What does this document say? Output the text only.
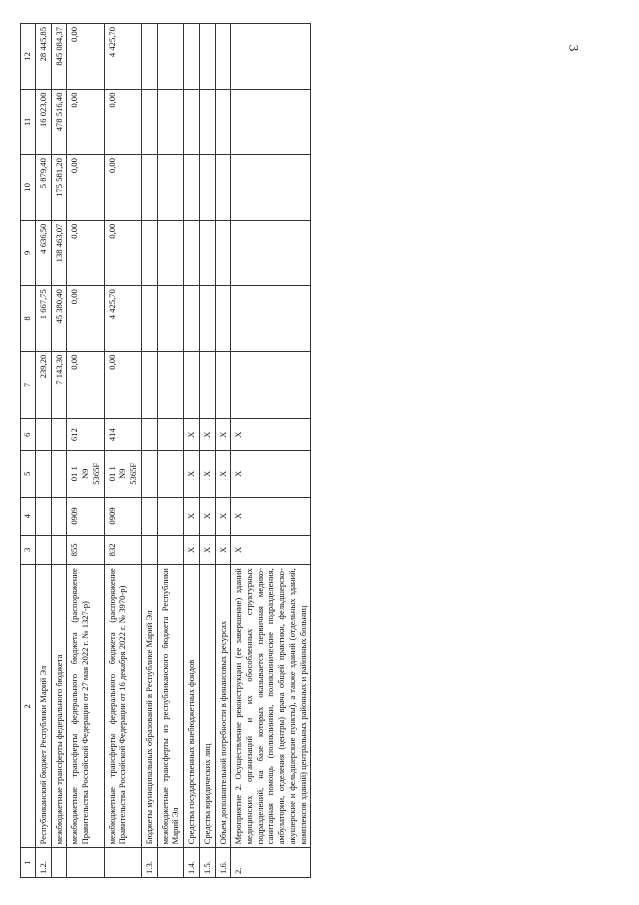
3
1	2	3	4	5	6	7	8	9	10	11	12
1.2.	Республиканский бюджет Республики Марий Эл					239,20	1 667,75	4 636,50	5 879,40	16 023,00	28 445,85
	межбюджетные трансферты федерального бюджета					7 143,30	45 380,40	138 463,07	175 581,20	478 516,40	845 084,37
	межбюджетные трансферты федерального бюджета (распоряжение Правительства Российской Федерации от 27 мая 2022 г. № 1327-р)	855	0909	01 1 N9 5365F	612	0,00	0,00	0,00	0,00	0,00	0,00
	межбюджетные трансферты федерального бюджета (распоряжение Правительства Российской Федерации от 16 декабря 2022 г. № 3970-р)	832	0909	01 1 N9 5365F	414	0,00	4 425,70	0,00	0,00	0,00	4 425,70
1.3.	Бюджеты муниципальных образований в Республике Марий Эл										
	межбюджетные трансферты из республиканского бюджета Республики Марий Эл										
1.4.	Средства государственных внебюджетных фондов	X	X	X	X						
1.5.	Средства юридических лиц	X	X	X	X						
1.6.	Объем дополнительной потребности в финансовых ресурсах	X	X	X	X						
2.	Мероприятие 2. Осуществление реконструкции (ее завершение) зданий медицинских организаций и их обособленных структурных подразделений, на базе которых оказывается первичная медико-санитарная помощь (поликлиники, поликлинические подразделения, амбулатории, отделения (центры) врача общей практики, фельдшерско-акушерские и фельдшерские пункты), а также зданий (отдельных зданий, комплексов зданий) центральных районных и районных больниц	X	X	X	X						
